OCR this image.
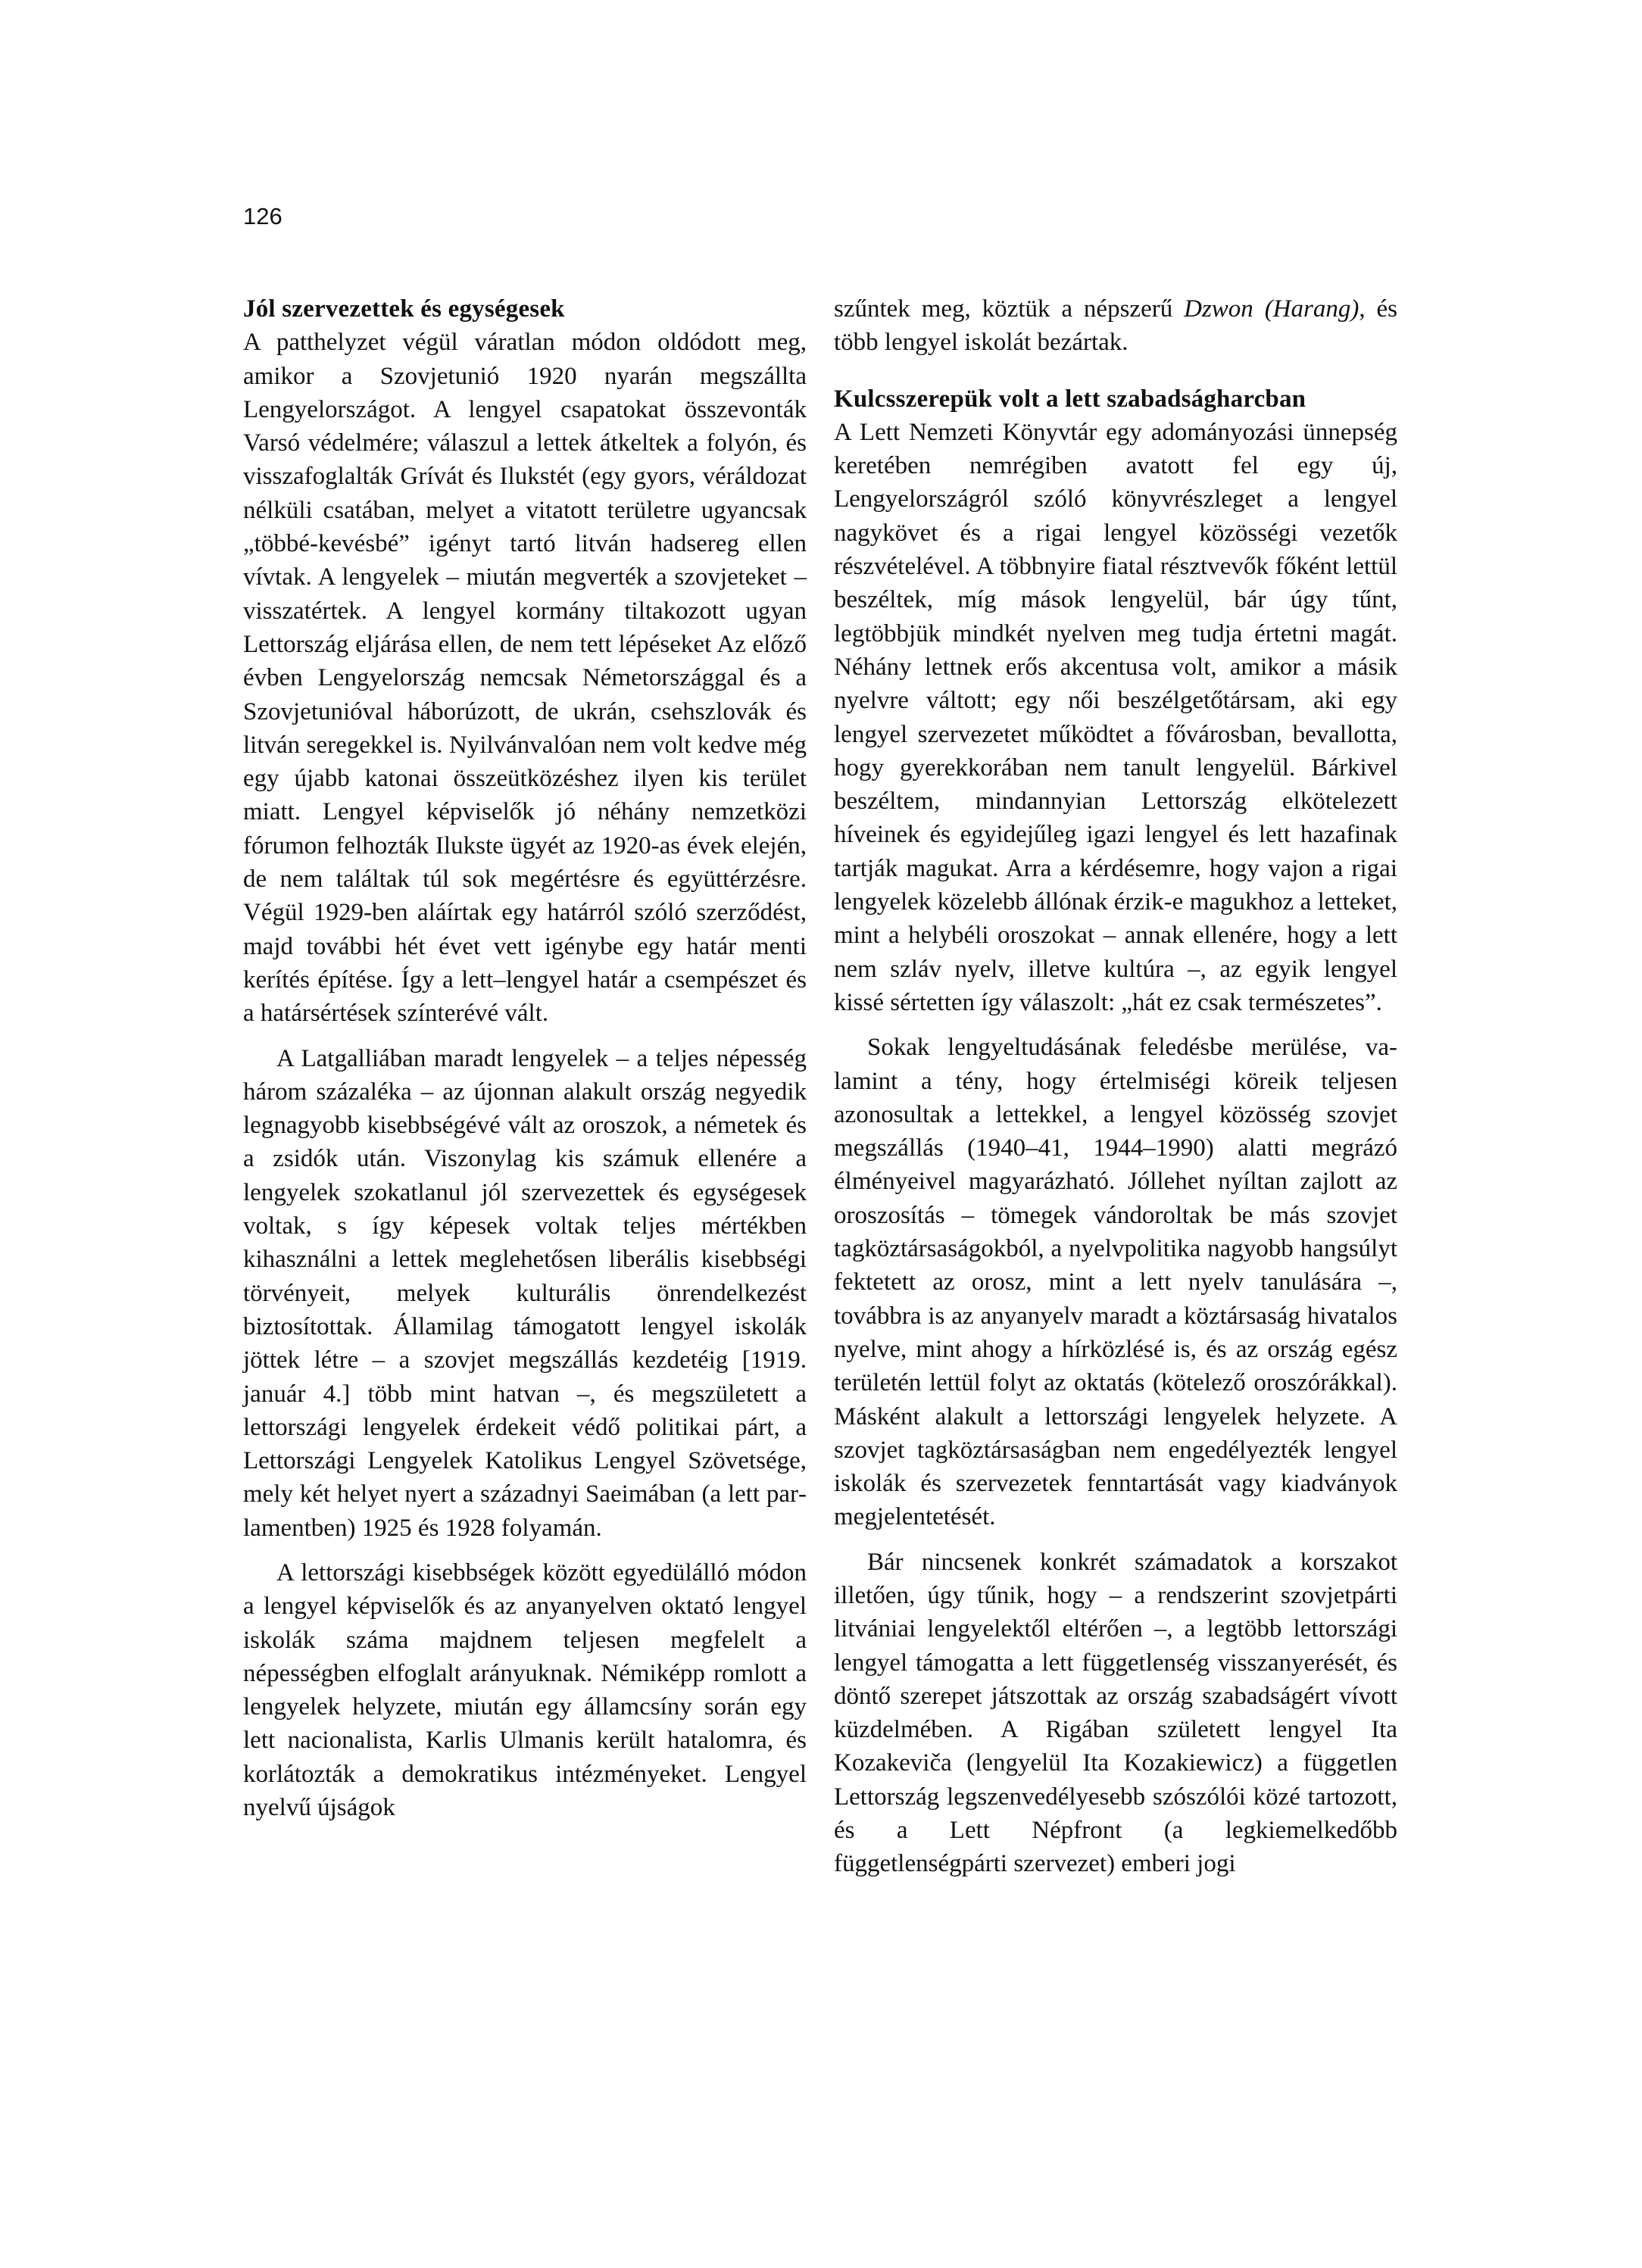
126
Jól szervezettek és egységesek

A patthelyzet végül váratlan módon oldódott meg, amikor a Szovjetunió 1920 nyarán megszállta Lengyelországot. A lengyel csapatokat összevonták Varsó védelmére; válaszul a lettek átkeltek a folyón, és visszafoglalták Grívát és Ilukstét (egy gyors, véráldozat nélküli csatában, melyet a vitatott területre ugyancsak „többé-kevésbé” igényt tartó litván hadsereg ellen vívtak. A lengyelek – miután megverték a szovjeteket – visszatértek. A lengyel kormány tiltakozott ugyan Lettország eljárása ellen, de nem tett lépéseket Az előző évben Lengyelország nemcsak Németországgal és a Szovjetunióval háborúzott, de ukrán, csehszlovák és litván seregekkel is. Nyilvánvalóan nem volt kedve még egy újabb katonai összeütközéshez ilyen kis terület miatt. Lengyel képviselők jó néhány nemzetközi fórumon felhozták Ilukste ügyét az 1920-as évek elején, de nem találtak túl sok megértésre és együttérzésre. Végül 1929-ben aláírtak egy határról szóló szerződést, majd további hét évet vett igénybe egy határ menti kerítés építése. Így a lett–lengyel határ a csempészet és a határsértések színterévé vált.

A Latgalliában maradt lengyelek – a teljes népesség három százaléka – az újonnan alakult ország negyedik legnagyobb kisebbségévé vált az oroszok, a németek és a zsidók után. Viszonylag kis számuk ellenére a lengyelek szokatlanul jól szervezettek és egységesek voltak, s így képesek voltak teljes mértékben kihasználni a lettek meglehetősen liberális kisebbségi törvényeit, melyek kulturális önrendelkezést biztosítottak. Államilag támogatott lengyel iskolák jöttek létre – a szovjet megszállás kezdetéig [1919. január 4.] több mint hatvan –, és megszületett a lettországi lengyelek érdekeit védő politikai párt, a Lettországi Lengyelek Katolikus Lengyel Szövetsége, mely két helyet nyert a századnyi Saeimában (a lett parlamentben) 1925 és 1928 folyamán.

A lettországi kisebbségek között egyedülálló módon a lengyel képviselők és az anyanyelven oktató lengyel iskolák száma majdnem teljesen megfelelt a népességben elfoglalt arányuknak. Némiképp romlott a lengyelek helyzete, miután egy államcsíny során egy lett nacionalista, Karlis Ulmanis került hatalomra, és korlátozták a demokratikus intézményeket. Lengyel nyelvű újságok

szűntek meg, köztük a népszerű Dzwon (Harang), és több lengyel iskolát bezártak.

Kulcsszerepük volt a lett szabadságharcban

A Lett Nemzeti Könyvtár egy adományozási ünnepség keretében nemrégiben avatott fel egy új, Lengyelországról szóló könyvrészleget a lengyel nagykövet és a rigai lengyel közösségi vezetők részvételével. A többnyire fiatal résztvevők főként lettül beszéltek, míg mások lengyelül, bár úgy tűnt, legtöbbjük mindkét nyelven meg tudja értetni magát. Néhány lettnek erős akcentusa volt, amikor a másik nyelvre váltott; egy női beszélgetőtársam, aki egy lengyel szervezetet működtet a fővárosban, bevallotta, hogy gyerekkorában nem tanult lengyelül. Bárkivel beszéltem, mindannyian Lettország elkötelezett híveinek és egyidejűleg igazi lengyel és lett hazafinak tartják magukat. Arra a kérdésemre, hogy vajon a rigai lengyelek közelebb állónak érzik-e magukhoz a letteket, mint a helybéli oroszokat – annak ellenére, hogy a lett nem szláv nyelv, illetve kultúra –, az egyik lengyel kissé sértetten így válaszolt: „hát ez csak természetes”.

Sokak lengyeltudásának feledésbe merülése, valamint a tény, hogy értelmiségi köreik teljesen azonosultak a lettekkel, a lengyel közösség szovjet megszállás (1940–41, 1944–1990) alatti megrázó élményeivel magyarázható. Jóllehet nyíltan zajlott az oroszosítás – tömegek vándoroltak be más szovjet tagköztársaságokból, a nyelvpolitika nagyobb hangsúlyt fektetett az orosz, mint a lett nyelv tanulására –, továbbra is az anyanyelv maradt a köztársaság hivatalos nyelve, mint ahogy a hírközlésé is, és az ország egész területén lettül folyt az oktatás (kötelező oroszórákkal). Másként alakult a lettországi lengyelek helyzete. A szovjet tagköztársaságban nem engedélyezték lengyel iskolák és szervezetek fenntartását vagy kiadványok megjelentetését.

Bár nincsenek konkrét számadatok a korszakot illetően, úgy tűnik, hogy – a rendszerint szovjetpárti litvániai lengyelektől eltérően –, a legtöbb lettországi lengyel támogatta a lett függetlenség visszanyerését, és döntő szerepet játszottak az ország szabadságért vívott küzdelmében. A Rigában született lengyel Ita Kozakeviča (lengyelül Ita Kozakiewicz) a független Lettország legszenvedélyesebb szószólói közé tartozott, és a Lett Népfront (a legkiemelkedőbb függetlenségpárti szervezet) emberi jogi
